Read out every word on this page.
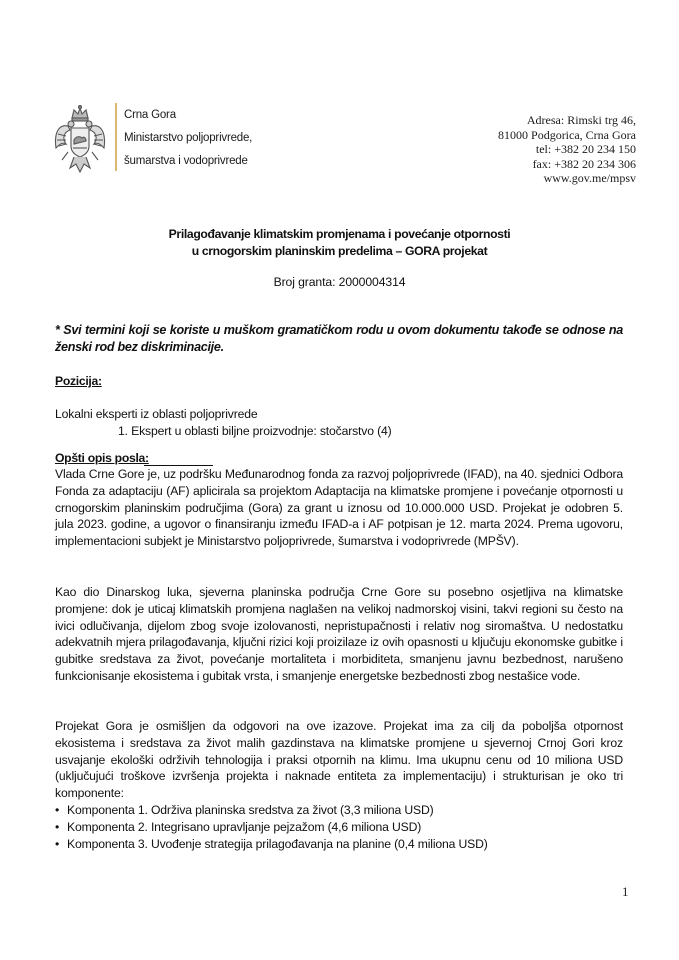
Crna Gora
Ministarstvo poljoprivrede,
šumarstva i vodoprivrede
Adresa: Rimski trg 46,
81000 Podgorica, Crna Gora
tel: +382 20 234 150
fax: +382 20 234 306
www.gov.me/mpsv
Prilagođavanje klimatskim promjenama i povećanje otpornosti
u crnogorskim planinskim predelima – GORA projekat
Broj granta: 2000004314
* Svi termini koji se koriste u muškom gramatičkom rodu u ovom dokumentu takođe se odnose na ženski rod bez diskriminacije.
Pozicija:
Lokalni eksperti iz oblasti poljoprivrede
1. Ekspert u oblasti biljne proizvodnje: stočarstvo (4)
Opšti opis posla:
Vlada Crne Gore je, uz podršku Međunarodnog fonda za razvoj poljoprivrede (IFAD), na 40. sjednici Odbora Fonda za adaptaciju (AF) aplicirala sa projektom Adaptacija na klimatske promjene i povećanje otpornosti u crnogorskim planinskim područjima (Gora) za grant u iznosu od 10.000.000 USD. Projekat je odobren 5. jula 2023. godine, a ugovor o finansiranju između IFAD-a i AF potpisan je 12. marta 2024. Prema ugovoru, implementacioni subjekt je Ministarstvo poljoprivrede, šumarstva i vodoprivrede (MPŠV).
Kao dio Dinarskog luka, sjeverna planinska područja Crne Gore su posebno osjetljiva na klimatske promjene: dok je uticaj klimatskih promjena naglašen na velikoj nadmorskoj visini, takvi regioni su često na ivici odlučivanja, dijelom zbog svoje izolovanosti, nepristupačnosti i relativ nog siromaštva. U nedostatku adekvatnih mjera prilagođavanja, ključni rizici koji proizilaze iz ovih opasnosti u ključuju ekonomske gubitke i gubitke sredstava za život, povećanje mortaliteta i morbiditeta, smanjenu javnu bezbednost, narušeno funkcionisanje ekosistema i gubitak vrsta, i smanjenje energetske bezbednosti zbog nestašice vode.
Projekat Gora je osmišljen da odgovori na ove izazove. Projekat ima za cilj da poboljša otpornost ekosistema i sredstava za život malih gazdinstava na klimatske promjene u sjevernoj Crnoj Gori kroz usvajanje ekološki održivih tehnologija i praksi otpornih na klimu. Ima ukupnu cenu od 10 miliona USD (uključujući troškove izvršenja projekta i naknade entiteta za implementaciju) i strukturisan je oko tri komponente:
• Komponenta 1. Održiva planinska sredstva za život (3,3 miliona USD)
• Komponenta 2. Integrisano upravljanje pejzažom (4,6 miliona USD)
• Komponenta 3. Uvođenje strategija prilagođavanja na planine (0,4 miliona USD)
1
